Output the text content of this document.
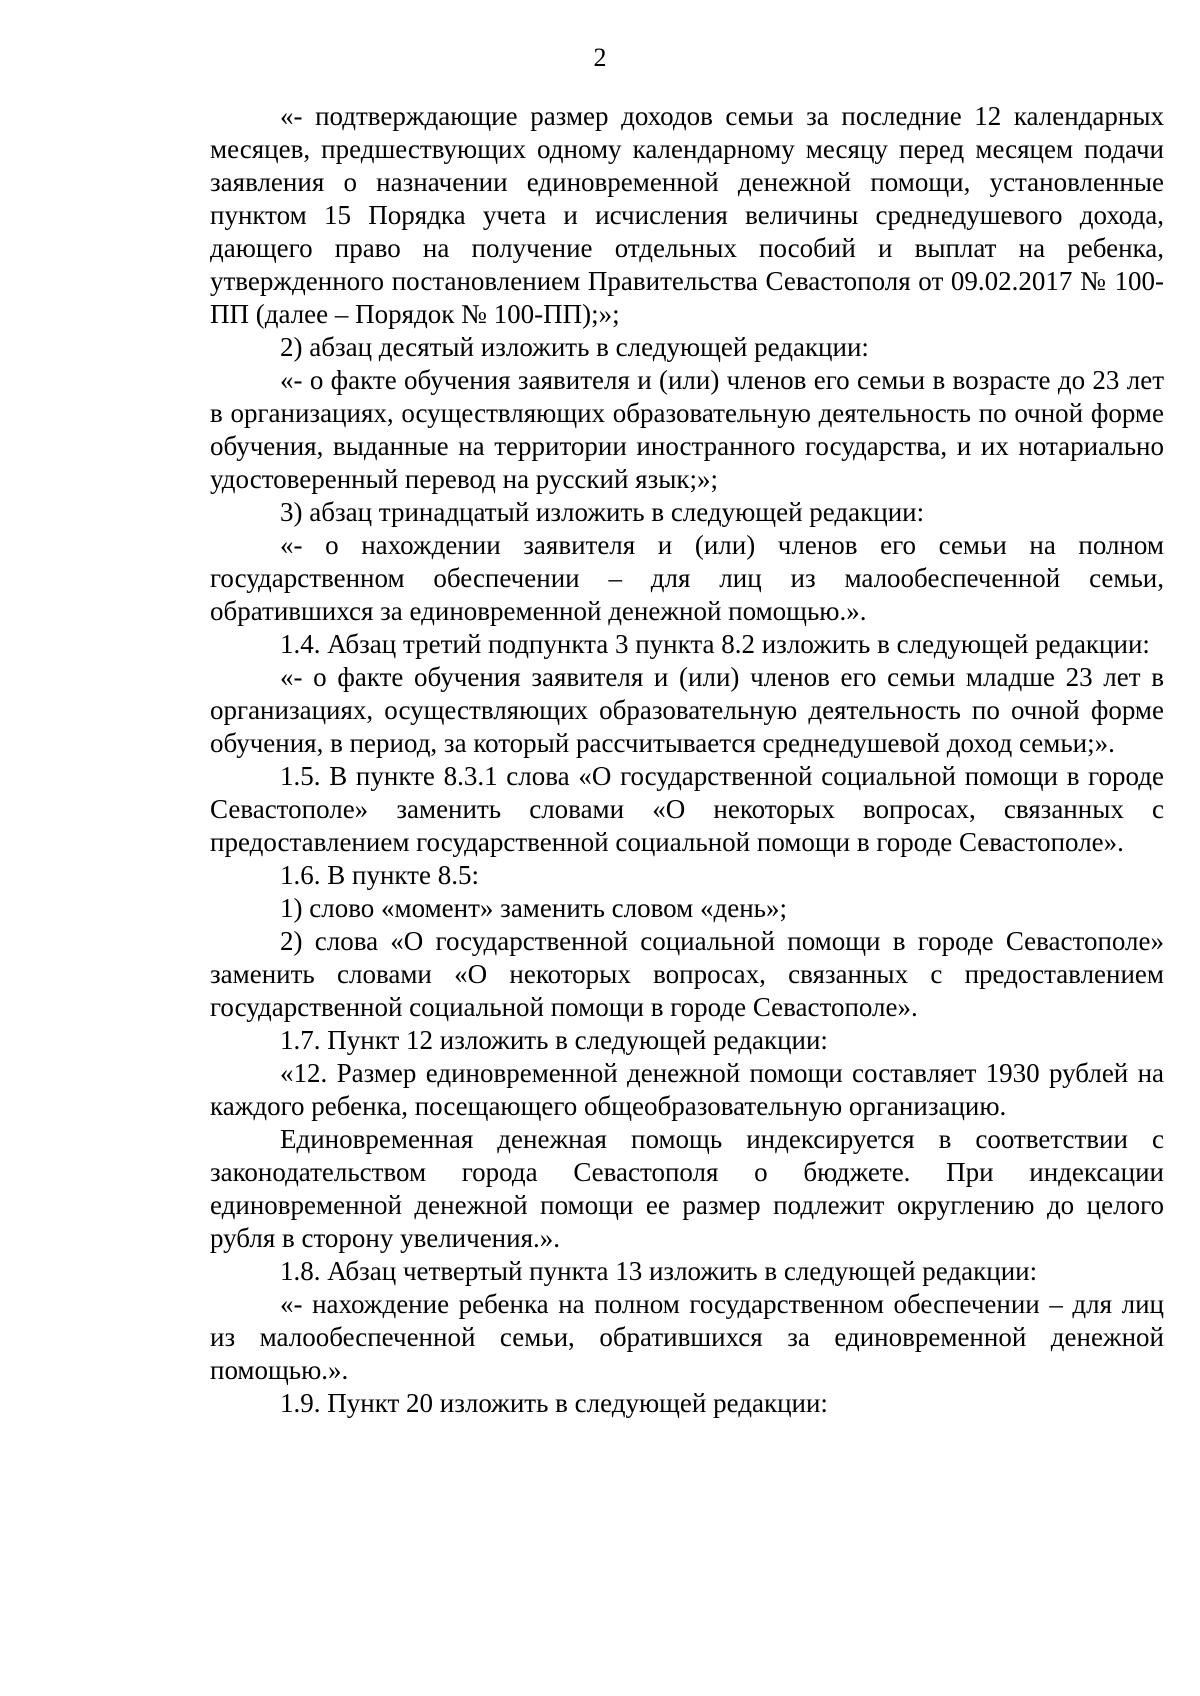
2

«- подтверждающие размер доходов семьи за последние 12 календарных месяцев, предшествующих одному календарному месяцу перед месяцем подачи заявления о назначении единовременной денежной помощи, установленные пунктом 15 Порядка учета и исчисления величины среднедушевого дохода, дающего право на получение отдельных пособий и выплат на ребенка, утвержденного постановлением Правительства Севастополя от 09.02.2017 № 100-ПП (далее – Порядок № 100-ПП);»;

2) абзац десятый изложить в следующей редакции:

«- о факте обучения заявителя и (или) членов его семьи в возрасте до 23 лет в организациях, осуществляющих образовательную деятельность по очной форме обучения, выданные на территории иностранного государства, и их нотариально удостоверенный перевод на русский язык;»;

3) абзац тринадцатый изложить в следующей редакции:

«- о нахождении заявителя и (или) членов его семьи на полном государственном обеспечении – для лиц из малообеспеченной семьи, обратившихся за единовременной денежной помощью.».

1.4. Абзац третий подпункта 3 пункта 8.2 изложить в следующей редакции:

«- о факте обучения заявителя и (или) членов его семьи младше 23 лет в организациях, осуществляющих образовательную деятельность по очной форме обучения, в период, за который рассчитывается среднедушевой доход семьи;».

1.5. В пункте 8.3.1 слова «О государственной социальной помощи в городе Севастополе» заменить словами «О некоторых вопросах, связанных с предоставлением государственной социальной помощи в городе Севастополе».

1.6. В пункте 8.5:

1) слово «момент» заменить словом «день»;

2) слова «О государственной социальной помощи в городе Севастополе» заменить словами «О некоторых вопросах, связанных с предоставлением государственной социальной помощи в городе Севастополе».

1.7. Пункт 12 изложить в следующей редакции:

«12. Размер единовременной денежной помощи составляет 1930 рублей на каждого ребенка, посещающего общеобразовательную организацию.

Единовременная денежная помощь индексируется в соответствии с законодательством города Севастополя о бюджете. При индексации единовременной денежной помощи ее размер подлежит округлению до целого рубля в сторону увеличения.».

1.8. Абзац четвертый пункта 13 изложить в следующей редакции:

«- нахождение ребенка на полном государственном обеспечении – для лиц из малообеспеченной семьи, обратившихся за единовременной денежной помощью.».

1.9. Пункт 20 изложить в следующей редакции:
